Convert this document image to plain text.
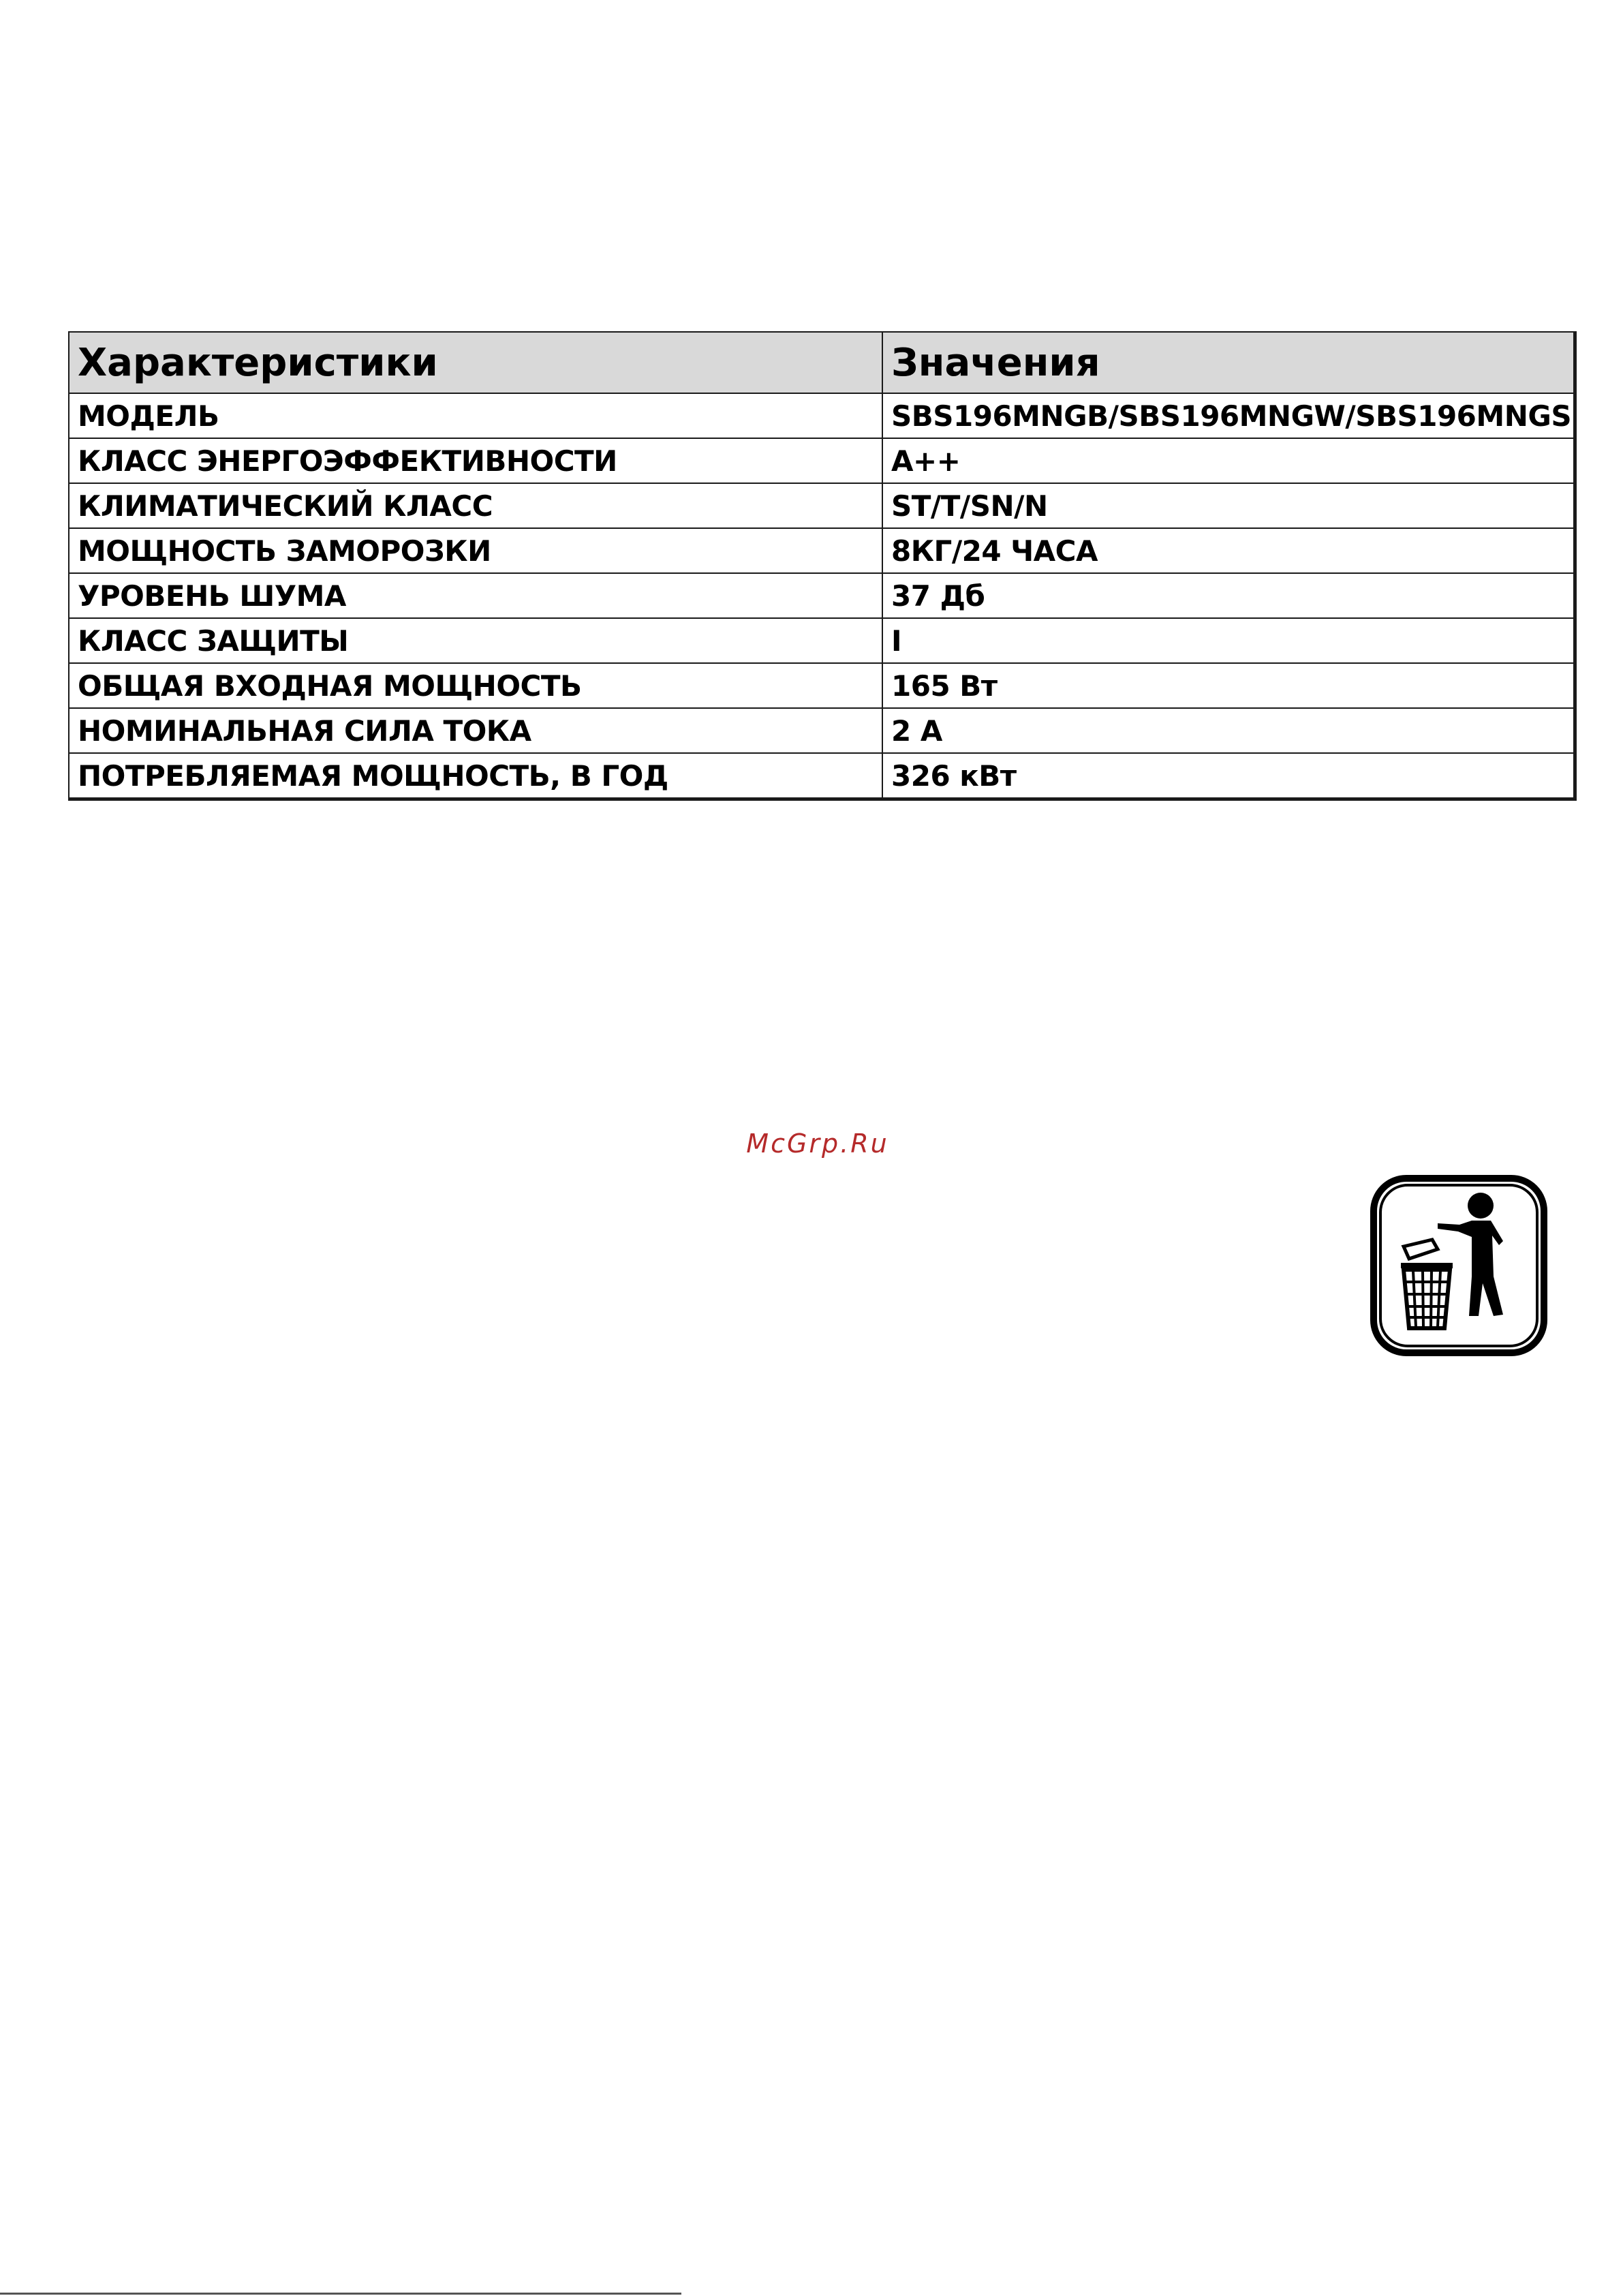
Характеристики	Значения
МОДЕЛЬ	SBS196MNGB/SBS196MNGW/SBS196MNGS
КЛАСС ЭНЕРГОЭФФЕКТИВНОСТИ	А++
КЛИМАТИЧЕСКИЙ КЛАСС	ST/T/SN/N
МОЩНОСТЬ ЗАМОРОЗКИ	8КГ/24 ЧАСА
УРОВЕНЬ ШУМА	37 Дб
КЛАСС ЗАЩИТЫ	I
ОБЩАЯ ВХОДНАЯ МОЩНОСТЬ	165 Вт
НОМИНАЛЬНАЯ СИЛА ТОКА	2 А
ПОТРЕБЛЯЕМАЯ МОЩНОСТЬ, В ГОД	326 кВт
McGrp.Ru
